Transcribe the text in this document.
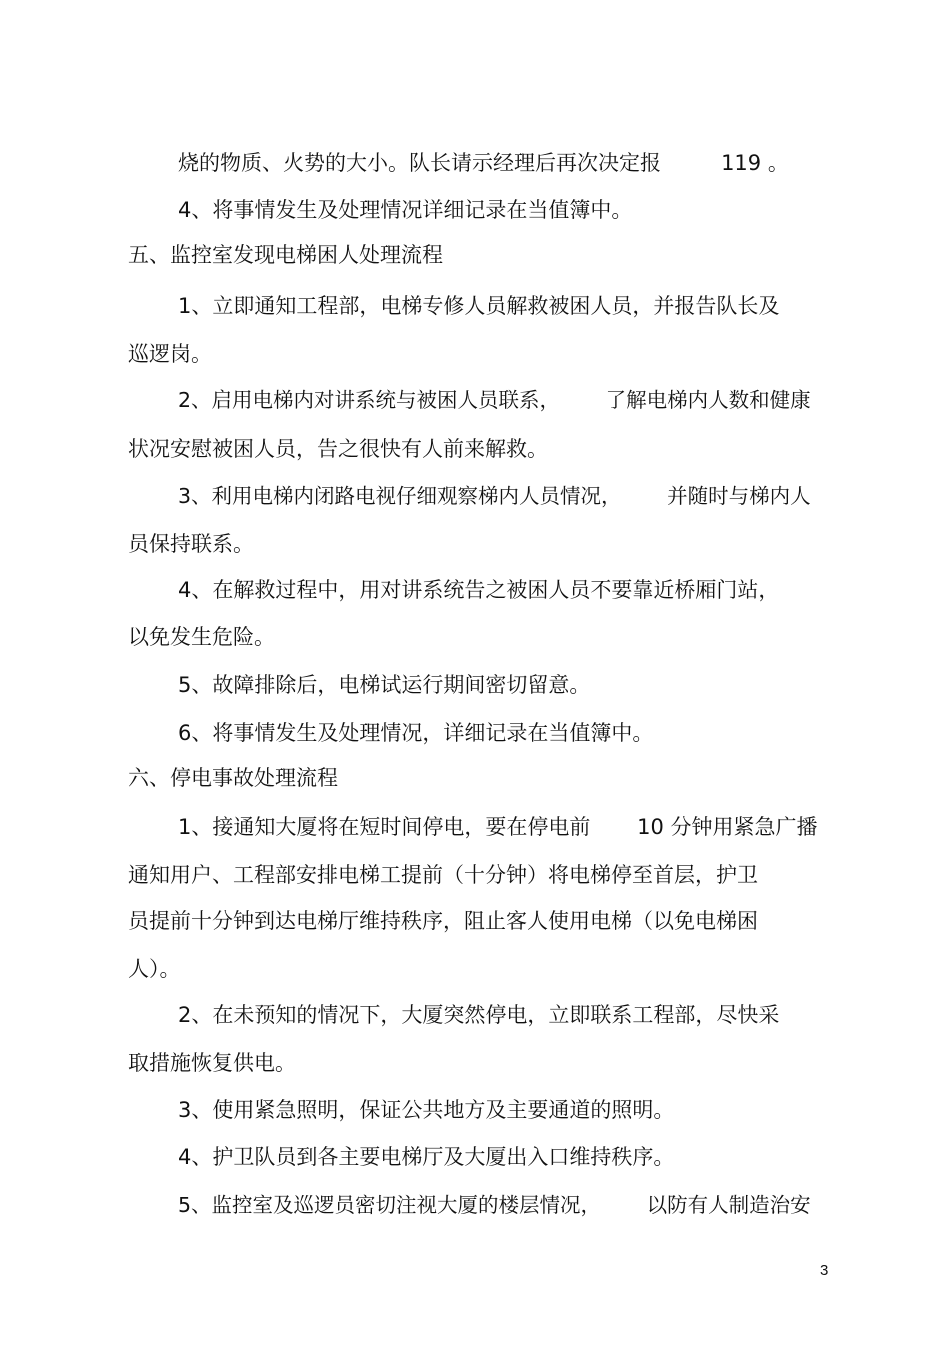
烧的物质、火势的大小。队长请示经理后再次决定报         119 。

4、将事情发生及处理情况详细记录在当值簿中。

五、监控室发现电梯困人处理流程

1、立即通知工程部，电梯专修人员解救被困人员，并报告队长及

巡逻岗。

2、启用电梯内对讲系统与被困人员联系，       了解电梯内人数和健康

状况安慰被困人员，告之很快有人前来解救。

3、利用电梯内闭路电视仔细观察梯内人员情况，       并随时与梯内人

员保持联系。

4、在解救过程中，用对讲系统告之被困人员不要靠近桥厢门站，

以免发生危险。

5、故障排除后，电梯试运行期间密切留意。

6、将事情发生及处理情况，详细记录在当值簿中。

六、停电事故处理流程

1、接通知大厦将在短时间停电，要在停电前       10 分钟用紧急广播

通知用户、工程部安排电梯工提前（十分钟）将电梯停至首层，护卫

员提前十分钟到达电梯厅维持秩序，阻止客人使用电梯（以免电梯困

人）。

2、在未预知的情况下，大厦突然停电，立即联系工程部，尽快采

取措施恢复供电。

3、使用紧急照明，保证公共地方及主要通道的照明。

4、护卫队员到各主要电梯厅及大厦出入口维持秩序。

5、监控室及巡逻员密切注视大厦的楼层情况，       以防有人制造治安

3
